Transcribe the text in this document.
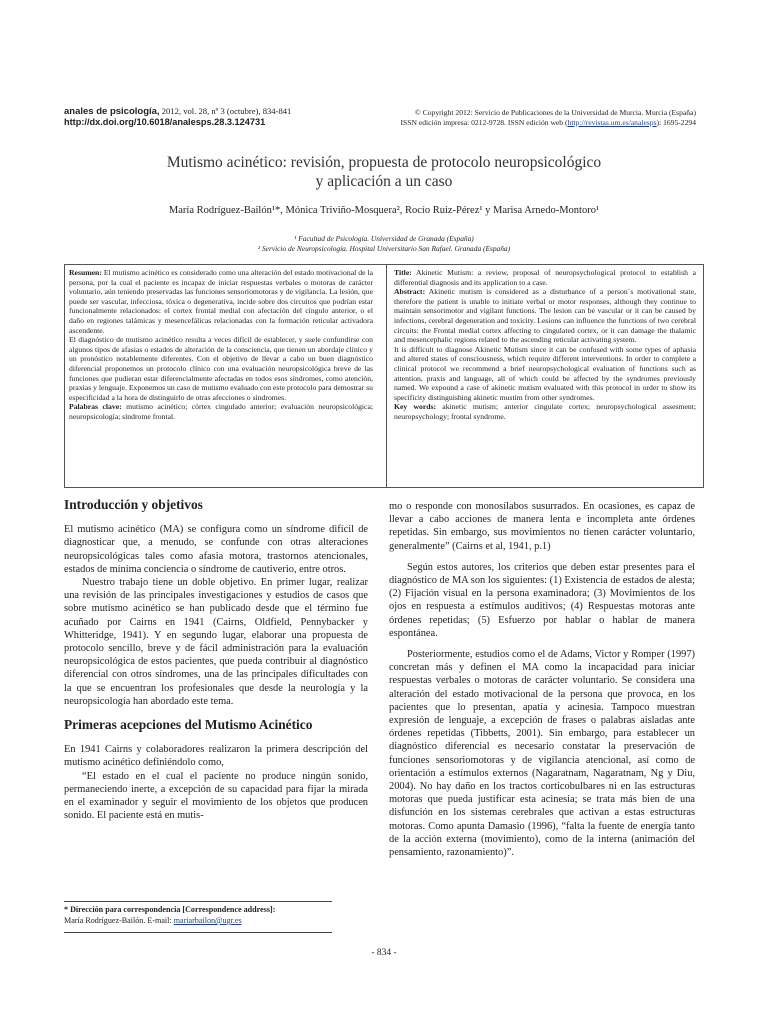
anales de psicología, 2012, vol. 28, nº 3 (octubre), 834-841
http://dx.doi.org/10.6018/analesps.28.3.124731
© Copyright 2012: Servicio de Publicaciones de la Universidad de Murcia. Murcia (España)
ISSN edición impresa: 0212-9728. ISSN edición web (http://revistas.um.es/analesps): 1695-2294
Mutismo acinético: revisión, propuesta de protocolo neuropsicológico
y aplicación a un caso
María Rodríguez-Bailón¹*, Mónica Triviño-Mosquera², Rocío Ruiz-Pérez¹ y Marisa Arnedo-Montoro¹
¹ Facultad de Psicología. Universidad de Granada (España)
² Servicio de Neuropsicología. Hospital Universitario San Rafael. Granada (España)

Resumen: El mutismo acinético es considerado como una alteración del estado motivacional de la persona, por la cual el paciente es incapaz de iniciar respuestas verbales o motoras de carácter voluntario, aún teniendo preservadas las funciones sensoriomotoras y de vigilancia. La lesión, que puede ser vascular, infecciosa, tóxica o degenerativa, incide sobre dos circuitos que podrían estar funcionalmente relacionados: el cortex frontal medial con afectación del cíngulo anterior, o el daño en regiones talámicas y mesencefálicas relacionadas con la formación reticular activadora ascendente.

El diagnóstico de mutismo acinético resulta a veces difícil de establecer, y suele confundirse con algunos tipos de afasias o estados de alteración de la consciencia, que tienen un abordaje clínico y un pronóstico notablemente diferentes. Con el objetivo de llevar a cabo un buen diagnóstico diferencial proponemos un protocolo clínico con una evaluación neuropsicológica breve de las funciones que pudieran estar diferencialmente afectadas en todos esos síndromes, como atención, praxias y lenguaje. Exponemos un caso de mutismo evaluado con este protocolo para demostrar su especificidad a la hora de distinguirlo de otras afecciones o síndromes.

Palabras clave: mutismo acinético; córtex cingulado anterior; evaluación neuropsicológica; neuropsicología; síndrome frontal.

Title: Akinetic Mutism: a review, proposal of neuropsychological protocol to establish a differential diagnosis and its application to a case.

Abstract: Akinetic mutism is considered as a disturbance of a person´s motivational state, therefore the patient is unable to initiate verbal or motor responses, although they continue to maintain sensorimotor and vigilant functions. The lesion can be vascular or it can be caused by infections, cerebral degeneration and toxicity. Lesions can influence the functions of two cerebral circuits: the Frontal medial cortex affecting to cingulated cortex, or it can damage the thalamic and mesencephalic regions related to the ascending reticular activating system.

It is difficult to diagnose Akinetic Mutism since it can be confused with some types of aphasia and altered states of consciousness, which require different interventions. In order to complete a clinical protocol we recommend a brief neuropsychological evaluation of functions such as attention, praxis and language, all of which could be affected by the syndromes previously named. We expound a case of akinetic mutism evaluated with this protocol in order to show its specificity distinguishing akinetic mustim from other syndromes.

Key words: akinetic mutism; anterior cingulate cortex; neuropsychological assesment; neuropsychology; frontal syndrome.

Introducción y objetivos

El mutismo acinético (MA) se configura como un síndrome difícil de diagnosticar que, a menudo, se confunde con otras alteraciones neuropsicológicas tales como afasia motora, trastornos atencionales, estados de mínima conciencia o síndrome de cautiverio, entre otros.

Nuestro trabajo tiene un doble objetivo. En primer lugar, realizar una revisión de las principales investigaciones y estudios de casos que sobre mutismo acinético se han publicado desde que el término fue acuñado por Cairns en 1941 (Cairns, Oldfield, Pennybacker y Whitteridge, 1941). Y en segundo lugar, elaborar una propuesta de protocolo sencillo, breve y de fácil administración para la evaluación neuropsicológica de estos pacientes, que pueda contribuir al diagnóstico diferencial con otros síndromes, una de las principales dificultades con la que se encuentran los profesionales que desde la neurología y la neuropsicología han abordado este tema.

Primeras acepciones del Mutismo Acinético

En 1941 Cairns y colaboradores realizaron la primera descripción del mutismo acinético definiéndolo como,

“El estado en el cual el paciente no produce ningún sonido, permaneciendo inerte, a excepción de su capacidad para fijar la mirada en el examinador y seguir el movimiento de los objetos que producen sonido. El paciente está en mutis-

mo o responde con monosílabos susurrados. En ocasiones, es capaz de llevar a cabo acciones de manera lenta e incompleta ante órdenes repetidas. Sin embargo, sus movimientos no tienen carácter voluntario, generalmente” (Cairns et al, 1941, p.1)

Según estos autores, los criterios que deben estar presentes para el diagnóstico de MA son los siguientes: (1) Existencia de estados de alesta; (2) Fijación visual en la persona examinadora; (3) Movimientos de los ojos en respuesta a estímulos auditivos; (4) Respuestas motoras ante órdenes repetidas; (5) Esfuerzo por hablar o hablar de manera espontánea.

Posteriormente, estudios como el de Adams, Victor y Romper (1997) concretan más y definen el MA como la incapacidad para iniciar respuestas verbales o motoras de carácter voluntario. Se considera una alteración del estado motivacional de la persona que provoca, en los pacientes que lo presentan, apatía y acinesia. Tampoco muestran expresión de lenguaje, a excepción de frases o palabras aisladas ante órdenes repetidas (Tibbetts, 2001). Sin embargo, para establecer un diagnóstico diferencial es necesario constatar la preservación de funciones sensoriomotoras y de vigilancia atencional, así como de orientación a estímulos externos (Nagaratnam, Nagaratnam, Ng y Diu, 2004). No hay daño en los tractos corticobulbares ni en las estructuras motoras que pueda justificar esta acinesia; se trata más bien de una disfunción en los sistemas cerebrales que activan a estas estructuras motoras. Como apunta Damasio (1996), “falta la fuente de energía tanto de la acción externa (movimiento), como de la interna (animación del pensamiento, razonamiento)”.

* Dirección para correspondencia [Correspondence address]:
María Rodríguez-Bailón. E-mail: mariarbailon@ugr.es
- 834 -
